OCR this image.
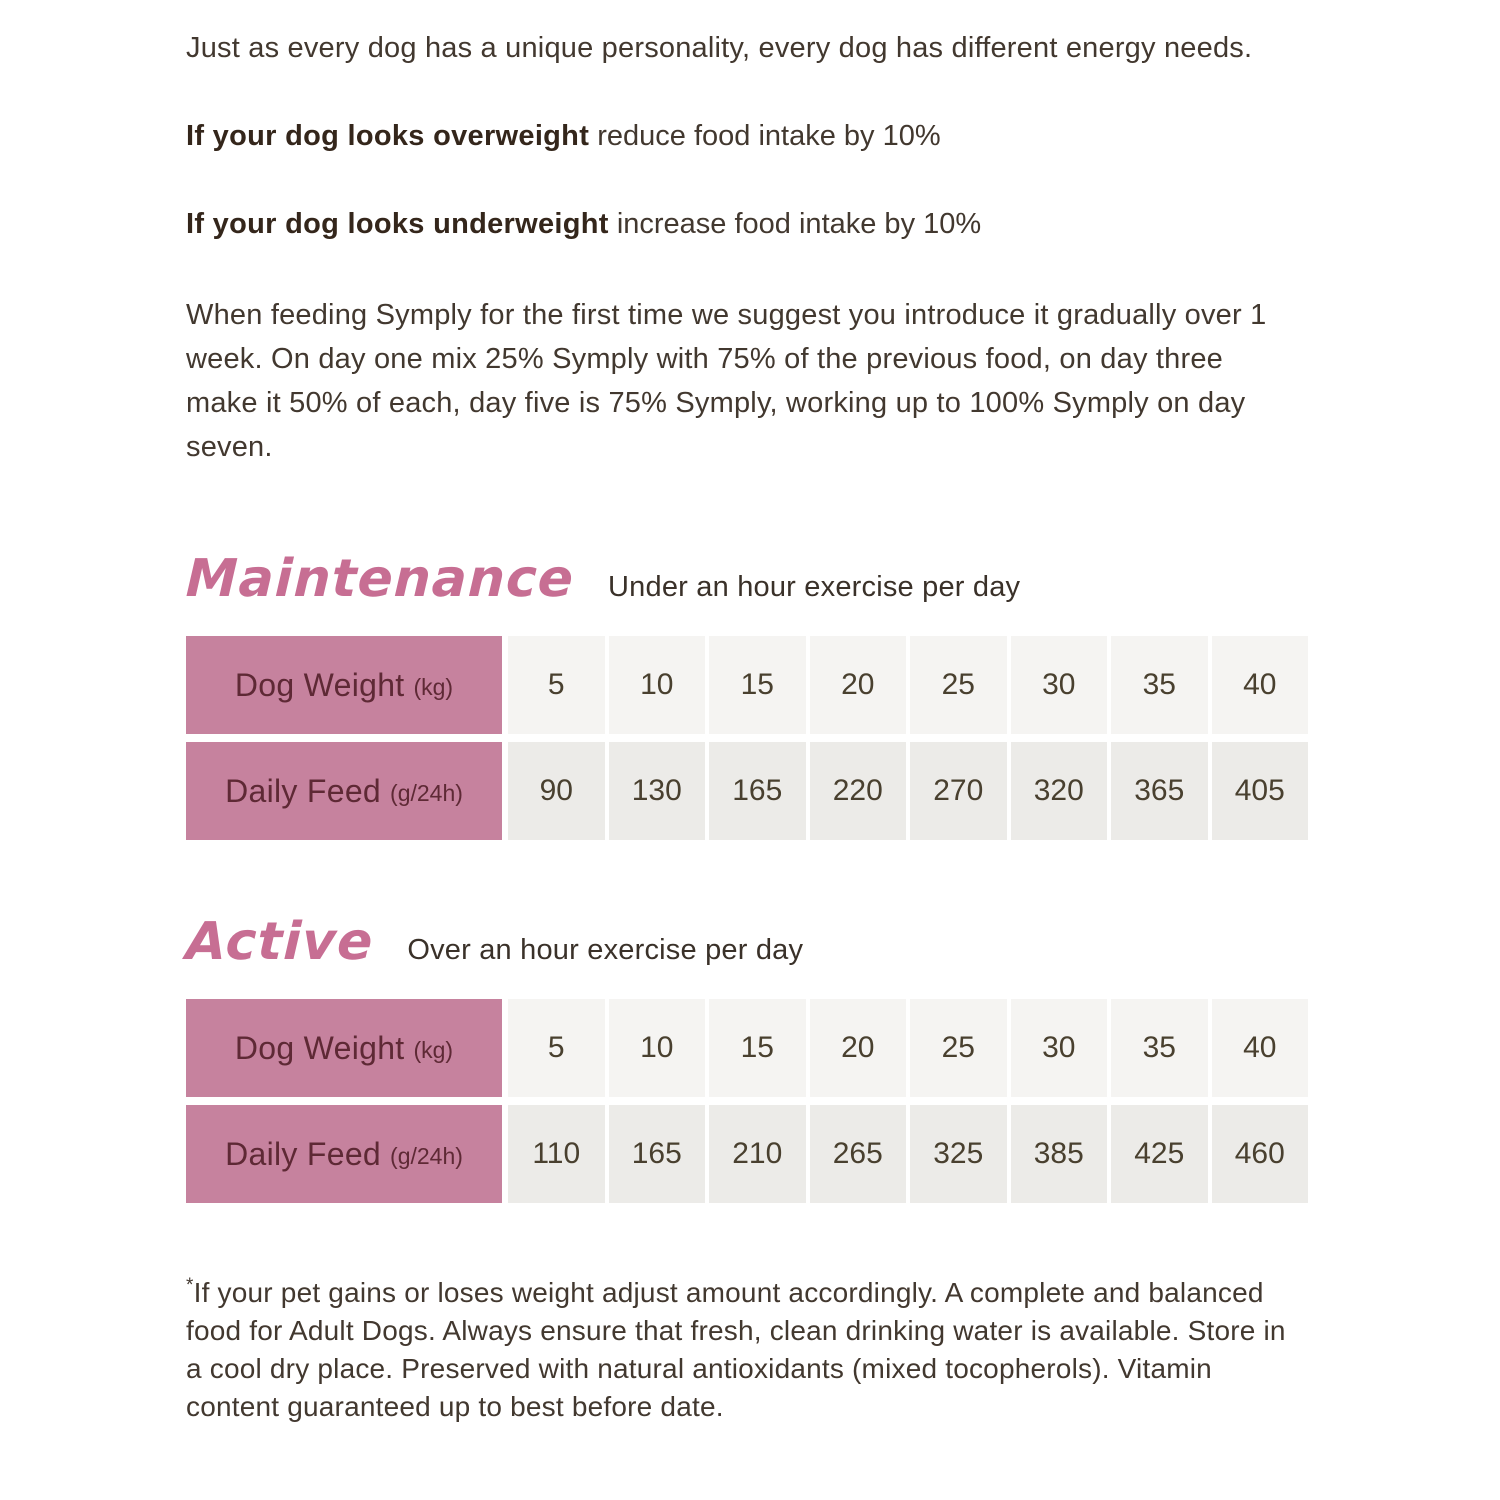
Just as every dog has a unique personality, every dog has different energy needs.

If your dog looks overweight reduce food intake by 10%

If your dog looks underweight increase food intake by 10%

When feeding Symply for the first time we suggest you introduce it gradually over 1 week. On day one mix 25% Symply with 75% of the previous food, on day three make it 50% of each, day five is 75% Symply, working up to 100% Symply on day seven.

Maintenance Under an hour exercise per day
Dog Weight (kg)	5	10	15	20	25	30	35	40
Daily Feed (g/24h)	90	130	165	220	270	320	365	405
Active Over an hour exercise per day
Dog Weight (kg)	5	10	15	20	25	30	35	40
Daily Feed (g/24h)	110	165	210	265	325	385	425	460

*If your pet gains or loses weight adjust amount accordingly. A complete and balanced food for Adult Dogs. Always ensure that fresh, clean drinking water is available. Store in a cool dry place. Preserved with natural antioxidants (mixed tocopherols). Vitamin content guaranteed up to best before date.
